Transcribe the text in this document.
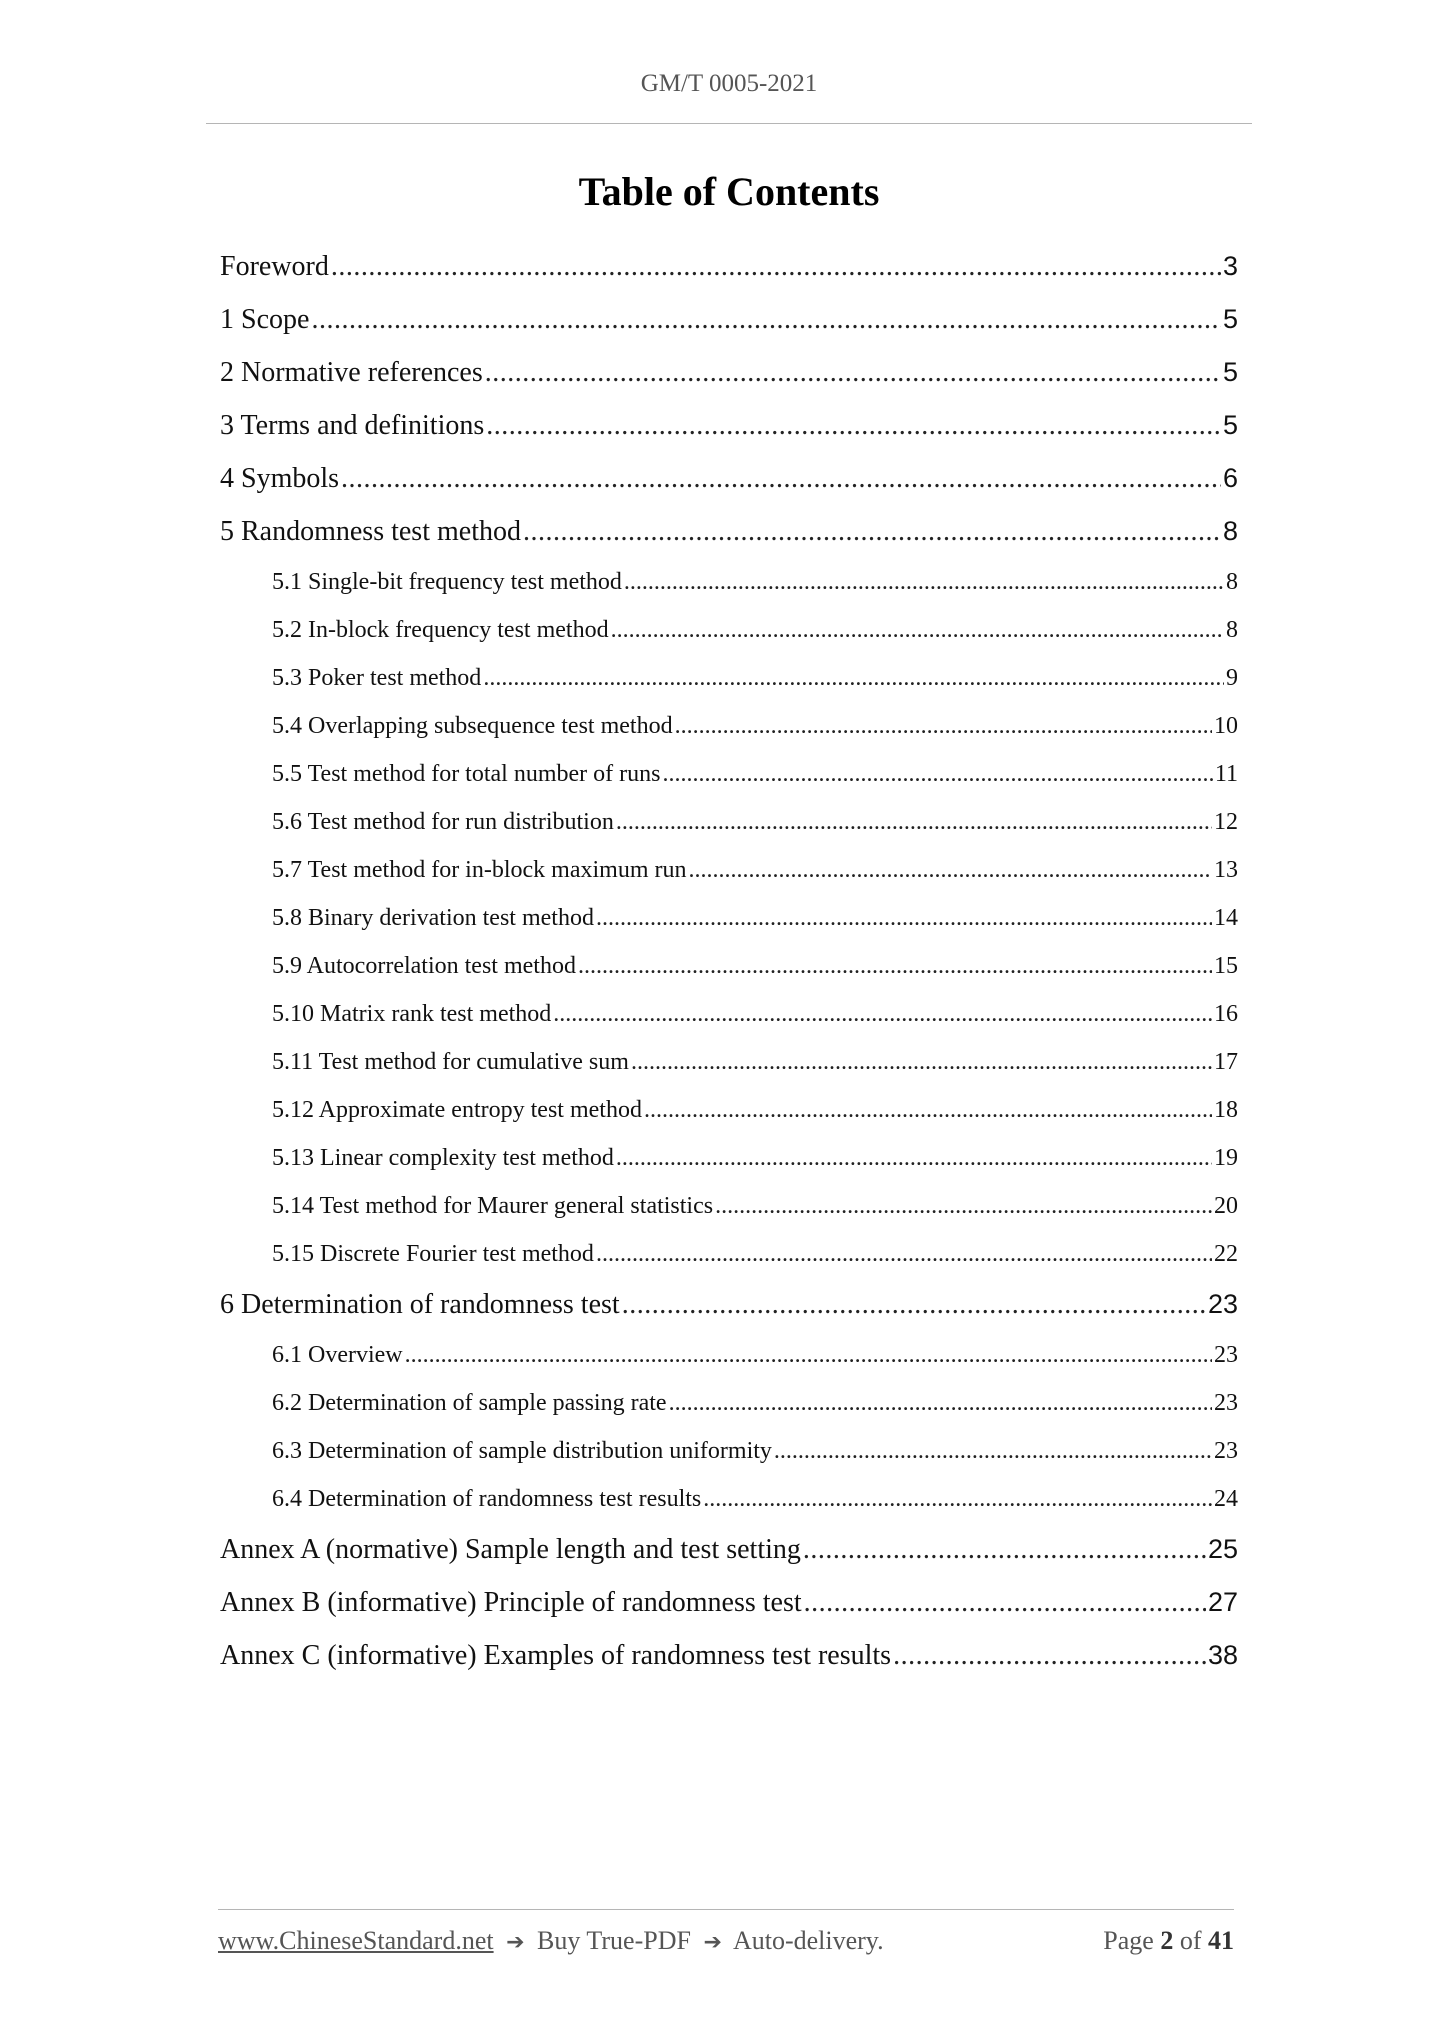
GM/T 0005-2021
Table of Contents
Foreword .....	3
1 Scope .....	5
2 Normative references .....	5
3 Terms and definitions .....	5
4 Symbols .....	6
5 Randomness test method .....	8
5.1 Single-bit frequency test method .....	8
5.2 In-block frequency test method .....	8
5.3 Poker test method .....	9
5.4 Overlapping subsequence test method .....	10
5.5 Test method for total number of runs .....	11
5.6 Test method for run distribution .....	12
5.7 Test method for in-block maximum run .....	13
5.8 Binary derivation test method .....	14
5.9 Autocorrelation test method .....	15
5.10 Matrix rank test method .....	16
5.11 Test method for cumulative sum .....	17
5.12 Approximate entropy test method .....	18
5.13 Linear complexity test method .....	19
5.14 Test method for Maurer general statistics .....	20
5.15 Discrete Fourier test method .....	22
6 Determination of randomness test .....	23
6.1 Overview .....	23
6.2 Determination of sample passing rate .....	23
6.3 Determination of sample distribution uniformity .....	23
6.4 Determination of randomness test results .....	24
Annex A (normative) Sample length and test setting .....	25
Annex B (informative) Principle of randomness test .....	27
Annex C (informative) Examples of randomness test results .....	38
www.ChineseStandard.net ➔ Buy True-PDF ➔ Auto-delivery.	Page 2 of 41
